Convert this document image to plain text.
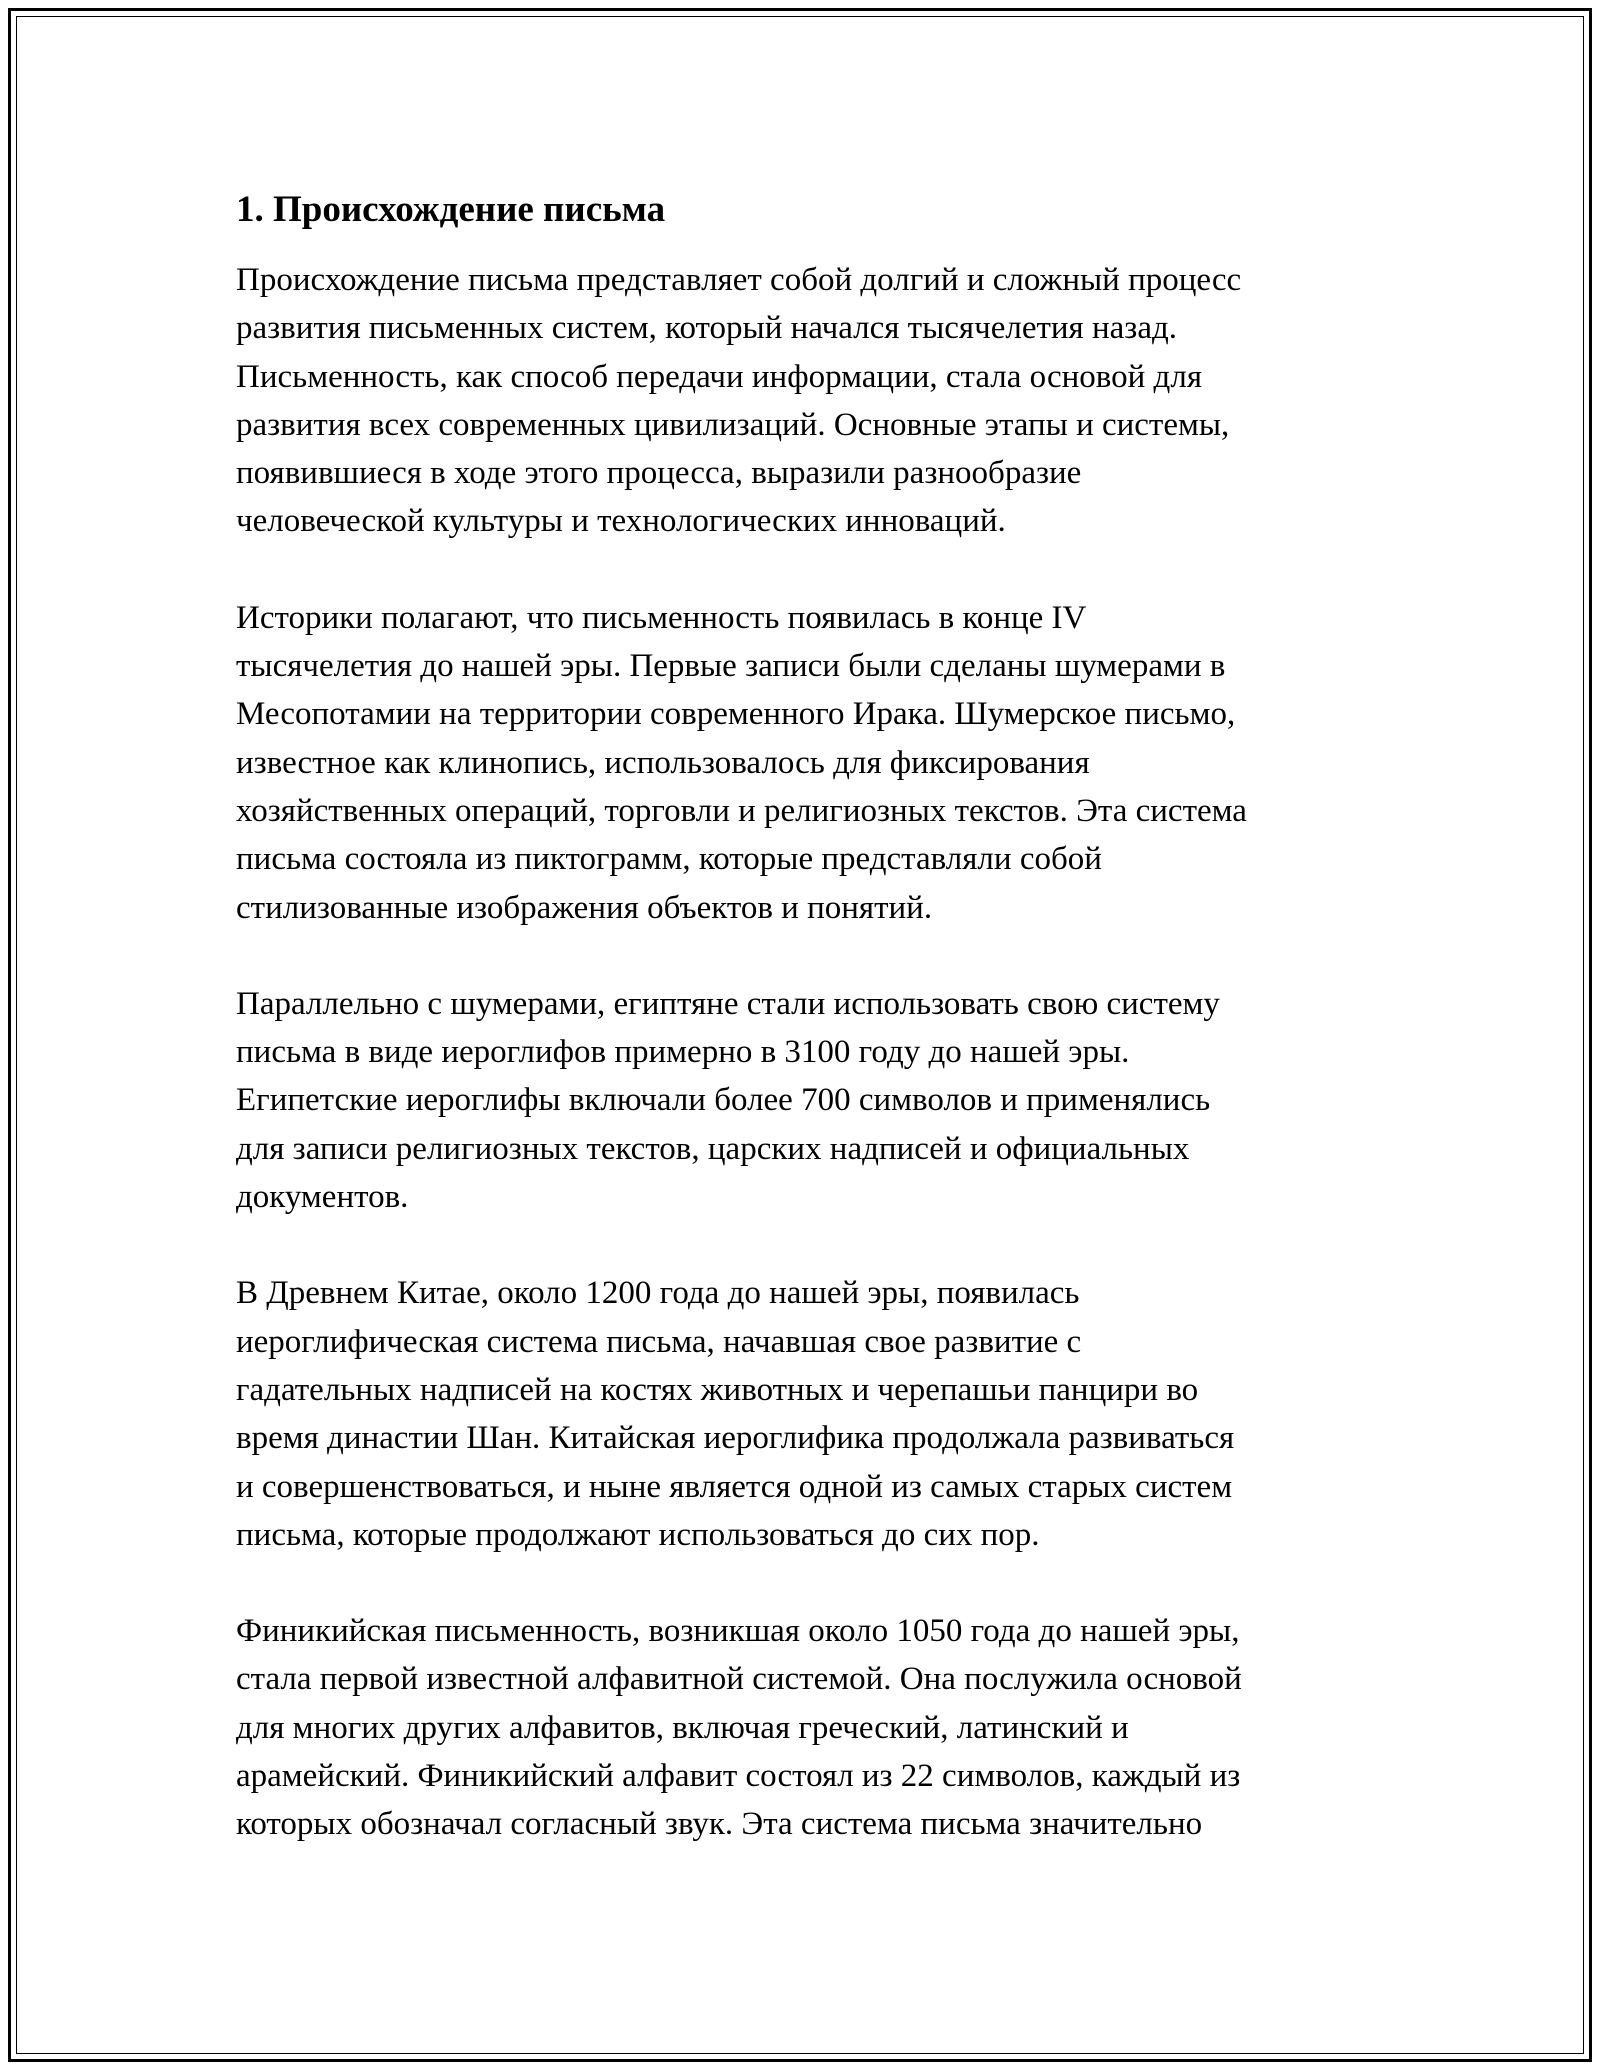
1. Происхождение письма
Происхождение письма представляет собой долгий и сложный процесс
развития письменных систем, который начался тысячелетия назад.
Письменность, как способ передачи информации, стала основой для
развития всех современных цивилизаций. Основные этапы и системы,
появившиеся в ходе этого процесса, выразили разнообразие
человеческой культуры и технологических инноваций.
Историки полагают, что письменность появилась в конце IV
тысячелетия до нашей эры. Первые записи были сделаны шумерами в
Месопотамии на территории современного Ирака. Шумерское письмо,
известное как клинопись, использовалось для фиксирования
хозяйственных операций, торговли и религиозных текстов. Эта система
письма состояла из пиктограмм, которые представляли собой
стилизованные изображения объектов и понятий.
Параллельно с шумерами, египтяне стали использовать свою систему
письма в виде иероглифов примерно в 3100 году до нашей эры.
Египетские иероглифы включали более 700 символов и применялись
для записи религиозных текстов, царских надписей и официальных
документов.
В Древнем Китае, около 1200 года до нашей эры, появилась
иероглифическая система письма, начавшая свое развитие с
гадательных надписей на костях животных и черепашьи панцири во
время династии Шан. Китайская иероглифика продолжала развиваться
и совершенствоваться, и ныне является одной из самых старых систем
письма, которые продолжают использоваться до сих пор.
Финикийская письменность, возникшая около 1050 года до нашей эры,
стала первой известной алфавитной системой. Она послужила основой
для многих других алфавитов, включая греческий, латинский и
арамейский. Финикийский алфавит состоял из 22 символов, каждый из
которых обозначал согласный звук. Эта система письма значительно
